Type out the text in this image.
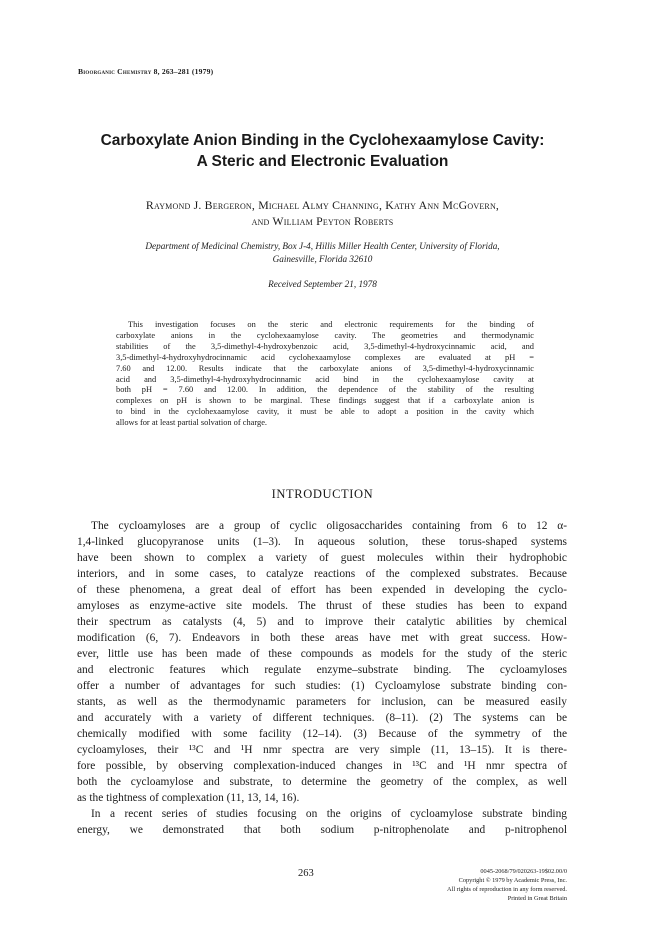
Bioorganic Chemistry 8, 263–281 (1979)
Carboxylate Anion Binding in the Cyclohexaamylose Cavity:
A Steric and Electronic Evaluation
Raymond J. Bergeron, Michael Almy Channing, Kathy Ann McGovern,
and William Peyton Roberts
Department of Medicinal Chemistry, Box J-4, Hillis Miller Health Center, University of Florida,
Gainesville, Florida 32610
Received September 21, 1978
This investigation focuses on the steric and electronic requirements for the binding of
carboxylate anions in the cyclohexaamylose cavity. The geometries and thermodynamic
stabilities of the 3,5-dimethyl-4-hydroxybenzoic acid, 3,5-dimethyl-4-hydroxycinnamic acid, and
3,5-dimethyl-4-hydroxyhydrocinnamic acid cyclohexaamylose complexes are evaluated at pH =
7.60 and 12.00. Results indicate that the carboxylate anions of 3,5-dimethyl-4-hydroxycinnamic
acid and 3,5-dimethyl-4-hydroxyhydrocinnamic acid bind in the cyclohexaamylose cavity at
both pH = 7.60 and 12.00. In addition, the dependence of the stability of the resulting
complexes on pH is shown to be marginal. These findings suggest that if a carboxylate anion is
to bind in the cyclohexaamylose cavity, it must be able to adopt a position in the cavity which
allows for at least partial solvation of charge.
INTRODUCTION
The cycloamyloses are a group of cyclic oligosaccharides containing from 6 to 12 α-
1,4-linked glucopyranose units (1–3). In aqueous solution, these torus-shaped systems
have been shown to complex a variety of guest molecules within their hydrophobic
interiors, and in some cases, to catalyze reactions of the complexed substrates. Because
of these phenomena, a great deal of effort has been expended in developing the cyclo-
amyloses as enzyme-active site models. The thrust of these studies has been to expand
their spectrum as catalysts (4, 5) and to improve their catalytic abilities by chemical
modification (6, 7). Endeavors in both these areas have met with great success. How-
ever, little use has been made of these compounds as models for the study of the steric
and electronic features which regulate enzyme–substrate binding. The cycloamyloses
offer a number of advantages for such studies: (1) Cycloamylose substrate binding con-
stants, as well as the thermodynamic parameters for inclusion, can be measured easily
and accurately with a variety of different techniques. (8–11). (2) The systems can be
chemically modified with some facility (12–14). (3) Because of the symmetry of the
cycloamyloses, their ¹³C and ¹H nmr spectra are very simple (11, 13–15). It is there-
fore possible, by observing complexation-induced changes in ¹³C and ¹H nmr spectra of
both the cycloamylose and substrate, to determine the geometry of the complex, as well
as the tightness of complexation (11, 13, 14, 16).
In a recent series of studies focusing on the origins of cycloamylose substrate binding
energy, we demonstrated that both sodium p-nitrophenolate and p-nitrophenol
263	0045-2068/79/020263-19$02.00/0
Copyright © 1979 by Academic Press, Inc.
All rights of reproduction in any form reserved.
Printed in Great Britain
